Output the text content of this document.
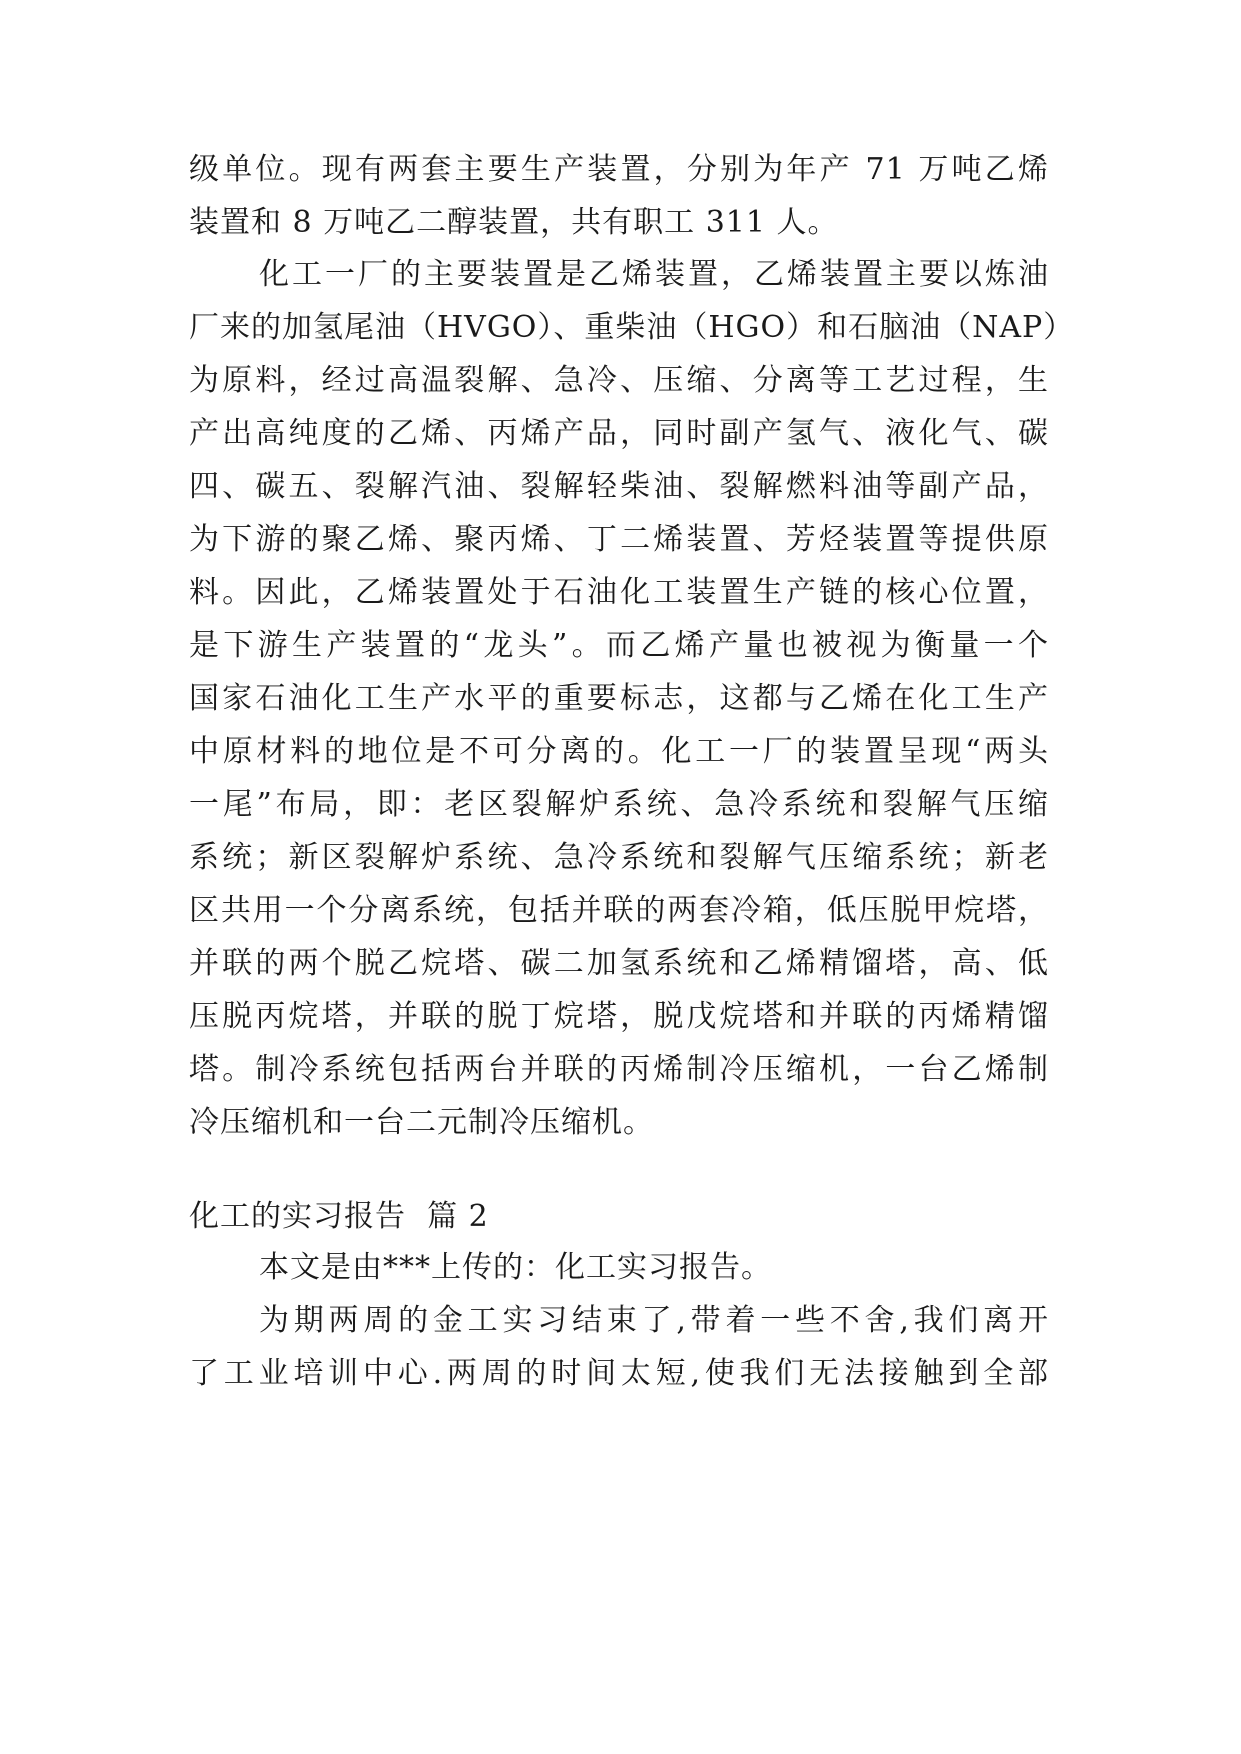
级单位。现有两套主要生产装置，分别为年产 71 万吨乙烯
装置和 8 万吨乙二醇装置，共有职工 311 人。
化工一厂的主要装置是乙烯装置，乙烯装置主要以炼油
厂来的加氢尾油（HVGO）、重柴油（HGO）和石脑油（NAP）
为原料，经过高温裂解、急冷、压缩、分离等工艺过程，生
产出高纯度的乙烯、丙烯产品，同时副产氢气、液化气、碳
四、碳五、裂解汽油、裂解轻柴油、裂解燃料油等副产品，
为下游的聚乙烯、聚丙烯、丁二烯装置、芳烃装置等提供原
料。因此，乙烯装置处于石油化工装置生产链的核心位置，
是下游生产装置的“龙头”。而乙烯产量也被视为衡量一个
国家石油化工生产水平的重要标志，这都与乙烯在化工生产
中原材料的地位是不可分离的。化工一厂的装置呈现“两头
一尾”布局，即：老区裂解炉系统、急冷系统和裂解气压缩
系统；新区裂解炉系统、急冷系统和裂解气压缩系统；新老
区共用一个分离系统，包括并联的两套冷箱，低压脱甲烷塔，
并联的两个脱乙烷塔、碳二加氢系统和乙烯精馏塔，高、低
压脱丙烷塔，并联的脱丁烷塔，脱戊烷塔和并联的丙烯精馏
塔。制冷系统包括两台并联的丙烯制冷压缩机，一台乙烯制
冷压缩机和一台二元制冷压缩机。
化工的实习报告  篇 2
本文是由***上传的：化工实习报告。
为期两周的金工实习结束了,带着一些不舍,我们离开
了工业培训中心.两周的时间太短,使我们无法接触到全部
